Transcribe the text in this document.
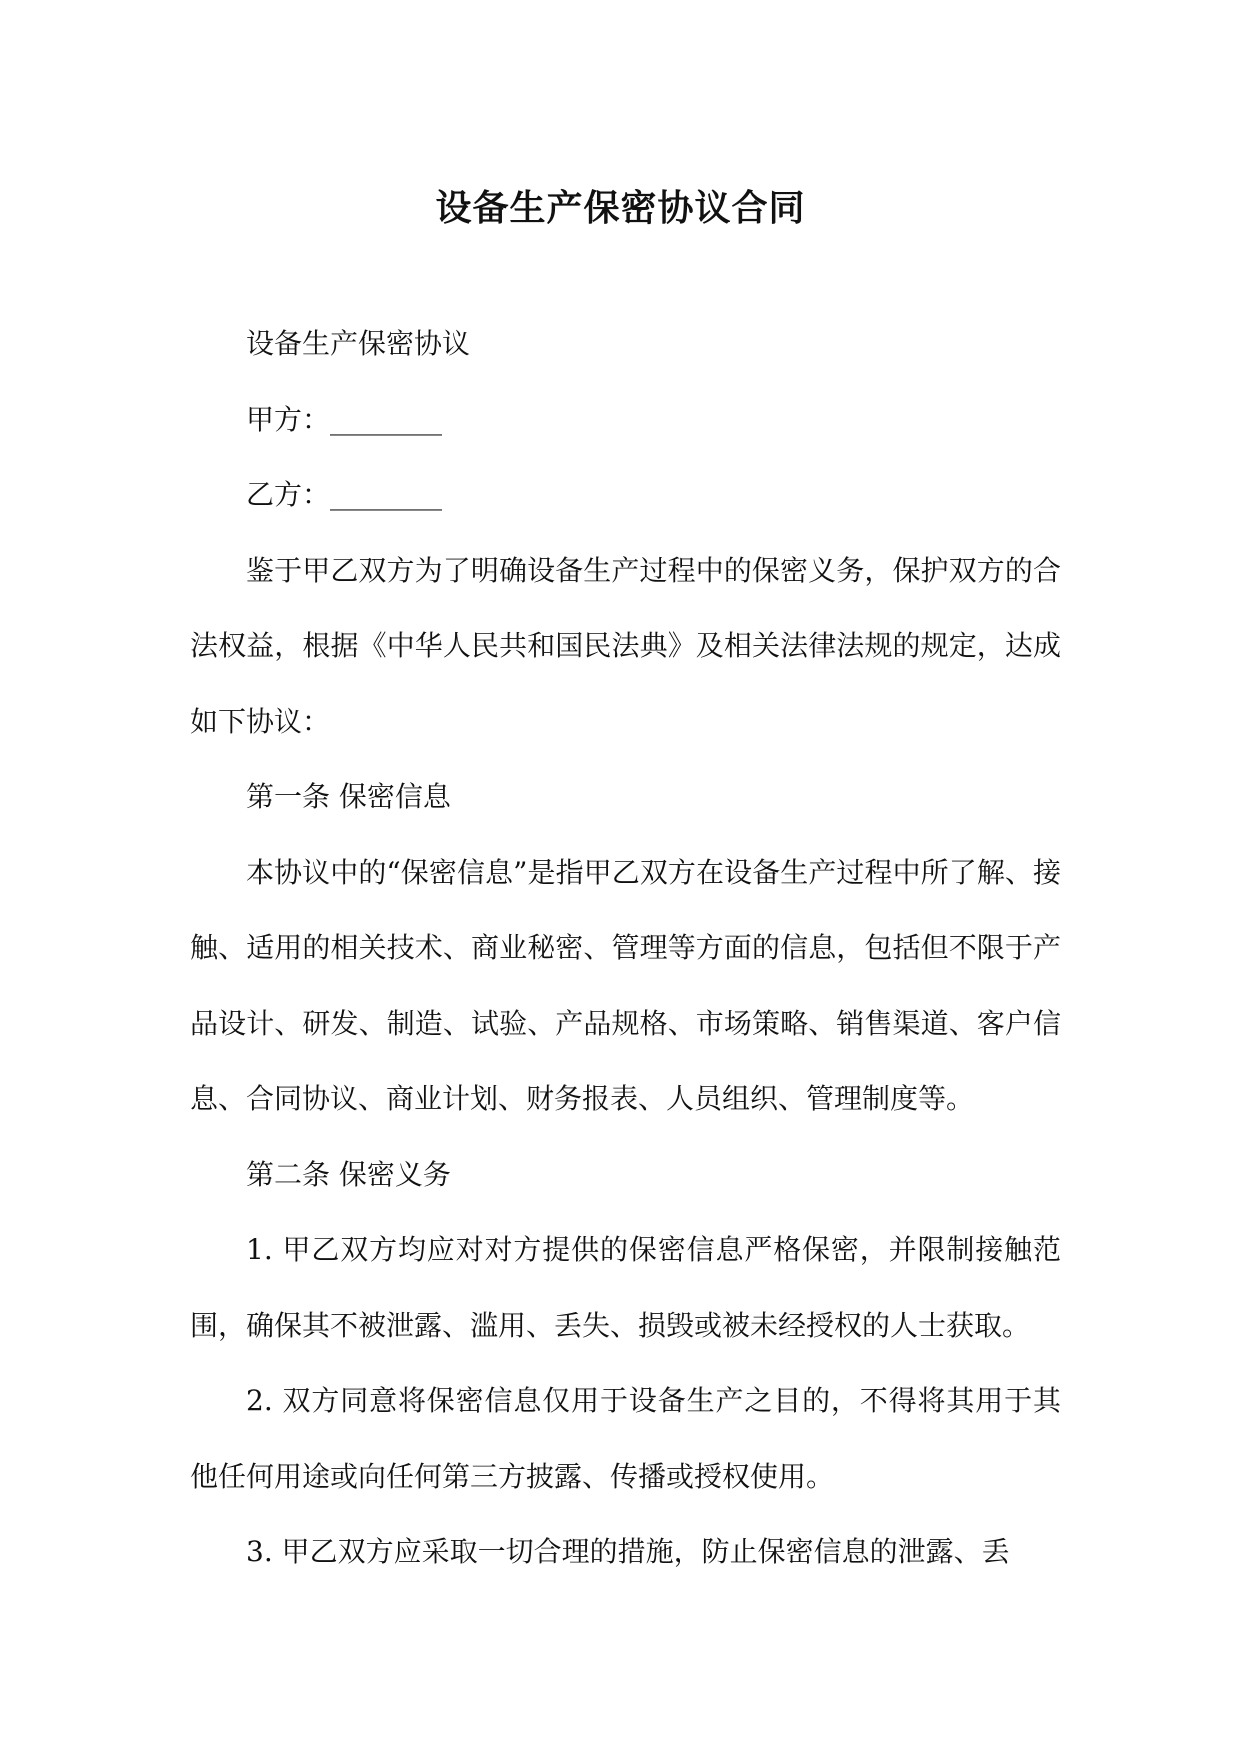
设备生产保密协议合同

设备生产保密协议

甲方：________

乙方：________

鉴于甲乙双方为了明确设备生产过程中的保密义务，保护双方的合法权益，根据《中华人民共和国民法典》及相关法律法规的规定，达成如下协议：

第一条 保密信息

本协议中的“保密信息”是指甲乙双方在设备生产过程中所了解、接触、适用的相关技术、商业秘密、管理等方面的信息，包括但不限于产品设计、研发、制造、试验、产品规格、市场策略、销售渠道、客户信息、合同协议、商业计划、财务报表、人员组织、管理制度等。

第二条 保密义务

1. 甲乙双方均应对对方提供的保密信息严格保密，并限制接触范围，确保其不被泄露、滥用、丢失、损毁或被未经授权的人士获取。

2. 双方同意将保密信息仅用于设备生产之目的，不得将其用于其他任何用途或向任何第三方披露、传播或授权使用。

3. 甲乙双方应采取一切合理的措施，防止保密信息的泄露、丢
